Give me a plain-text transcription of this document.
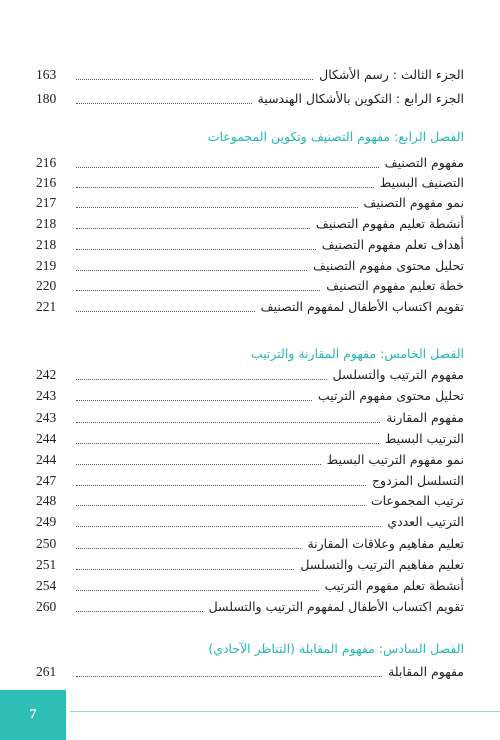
163	الجزء الثالث : رسم الأشكال
180	الجزء الرابع : التكوين بالأشكال الهندسية
الفصل الرابع: مفهوم التصنيف وتكوين المجموعات
216	مفهوم التصنيف
216	التصنيف البسيط
217	نمو مفهوم التصنيف
218	أنشطة تعليم مفهوم التصنيف
218	أهداف تعلم مفهوم التصنيف
219	تحليل محتوى مفهوم التصنيف
220	خطة تعليم مفهوم التصنيف
221	تقويم اكتساب الأطفال لمفهوم التصنيف
الفصل الخامس: مفهوم المقارنة والترتيب
242	مفهوم الترتيب والتسلسل
243	تحليل محتوى مفهوم الترتيب
243	مفهوم المقارنة
244	الترتيب البسيط
244	نمو مفهوم الترتيب البسيط
247	التسلسل المزدوج
248	ترتيب المجموعات
249	الترتيب العددي
250	تعليم مفاهيم وعلاقات المقارنة
251	تعليم مفاهيم الترتيب والتسلسل
254	أنشطة تعلم مفهوم الترتيب
260	تقويم اكتساب الأطفال لمفهوم الترتيب والتسلسل
الفصل السادس: مفهوم المقابلة (التناظر الآحادي)
261	مفهوم المقابلة
7
